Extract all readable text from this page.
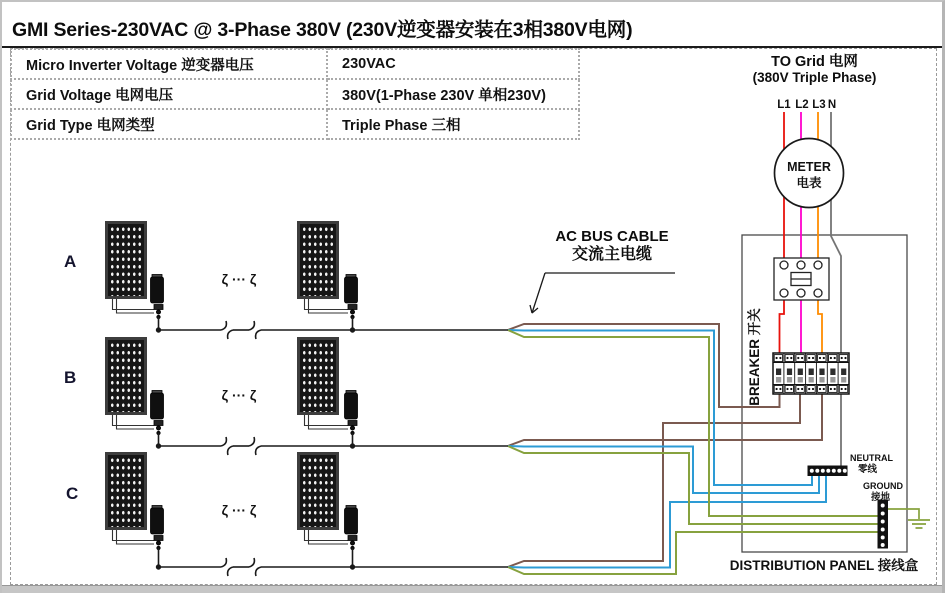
GMI Series-230VAC @ 3-Phase 380V (230V逆变器安装在3相380V电网)
Micro Inverter Voltage 逆变器电压	230VAC
Grid Voltage 电网电压	380V(1-Phase 230V 单相230V)
Grid Type 电网类型	Triple Phase 三相
TO Grid 电网
(380V Triple Phase)
AC BUS CABLE
交流主电缆
A
B
C
METER
电表
L1 L2 L3 N
BREAKER 开关
NEUTRAL
零线
GROUND
接地
DISTRIBUTION PANEL 接线盒
ζ ··· ζ
ζ ··· ζ
ζ ··· ζ
